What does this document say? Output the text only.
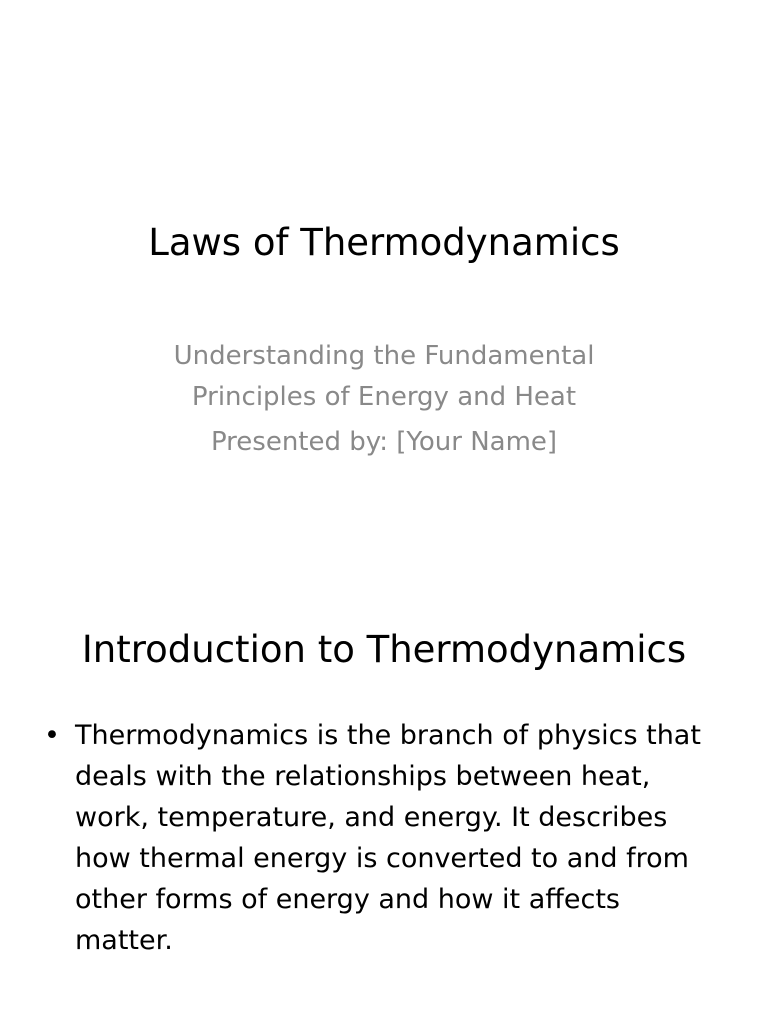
Laws of Thermodynamics
Understanding the Fundamental
Principles of Energy and Heat
Presented by: [Your Name]
Introduction to Thermodynamics
• Thermodynamics is the branch of physics that deals with the relationships between heat, work, temperature, and energy. It describes how thermal energy is converted to and from other forms of energy and how it affects matter.
